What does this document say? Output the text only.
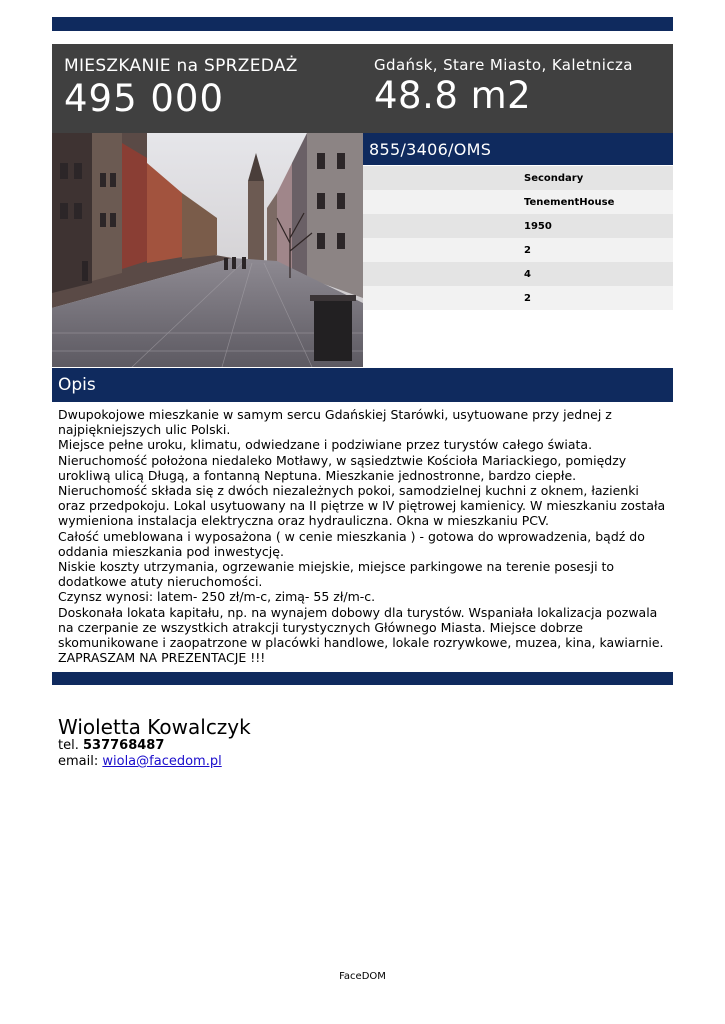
MIESZKANIE na SPRZEDAŻ
495 000
Gdańsk, Stare Miasto, Kaletnicza
48.8 m2
855/3406/OMS
Secondary
TenementHouse
1950
2
4
2
Opis

Dwupokojowe mieszkanie w samym sercu Gdańskiej Starówki, usytuowane przy jednej z najpiękniejszych ulic Polski.

Miejsce pełne uroku, klimatu, odwiedzane i podziwiane przez turystów całego świata.

Nieruchomość położona niedaleko Motławy, w sąsiedztwie Kościoła Mariackiego, pomiędzy urokliwą ulicą Długą, a fontanną Neptuna. Mieszkanie jednostronne, bardzo ciepłe. Nieruchomość składa się z dwóch niezależnych pokoi, samodzielnej kuchni z oknem, łazienki oraz przedpokoju. Lokal usytuowany na II piętrze w IV piętrowej kamienicy. W mieszkaniu została wymieniona instalacja elektryczna oraz hydrauliczna. Okna w mieszkaniu PCV.

Całość umeblowana i wyposażona ( w cenie mieszkania ) - gotowa do wprowadzenia, bądź do oddania mieszkania pod inwestycję.

Niskie koszty utrzymania, ogrzewanie miejskie, miejsce parkingowe na terenie posesji to dodatkowe atuty nieruchomości.

Czynsz wynosi: latem- 250 zł/m-c, zimą- 55 zł/m-c.

Doskonała lokata kapitału, np. na wynajem dobowy dla turystów. Wspaniała lokalizacja pozwala na czerpanie ze wszystkich atrakcji turystycznych Głównego Miasta. Miejsce dobrze skomunikowane i zaopatrzone w placówki handlowe, lokale rozrywkowe, muzea, kina, kawiarnie.

ZAPRASZAM NA PREZENTACJE !!!

Wioletta Kowalczyk
tel. 537768487
email: wiola@facedom.pl
FaceDOM
